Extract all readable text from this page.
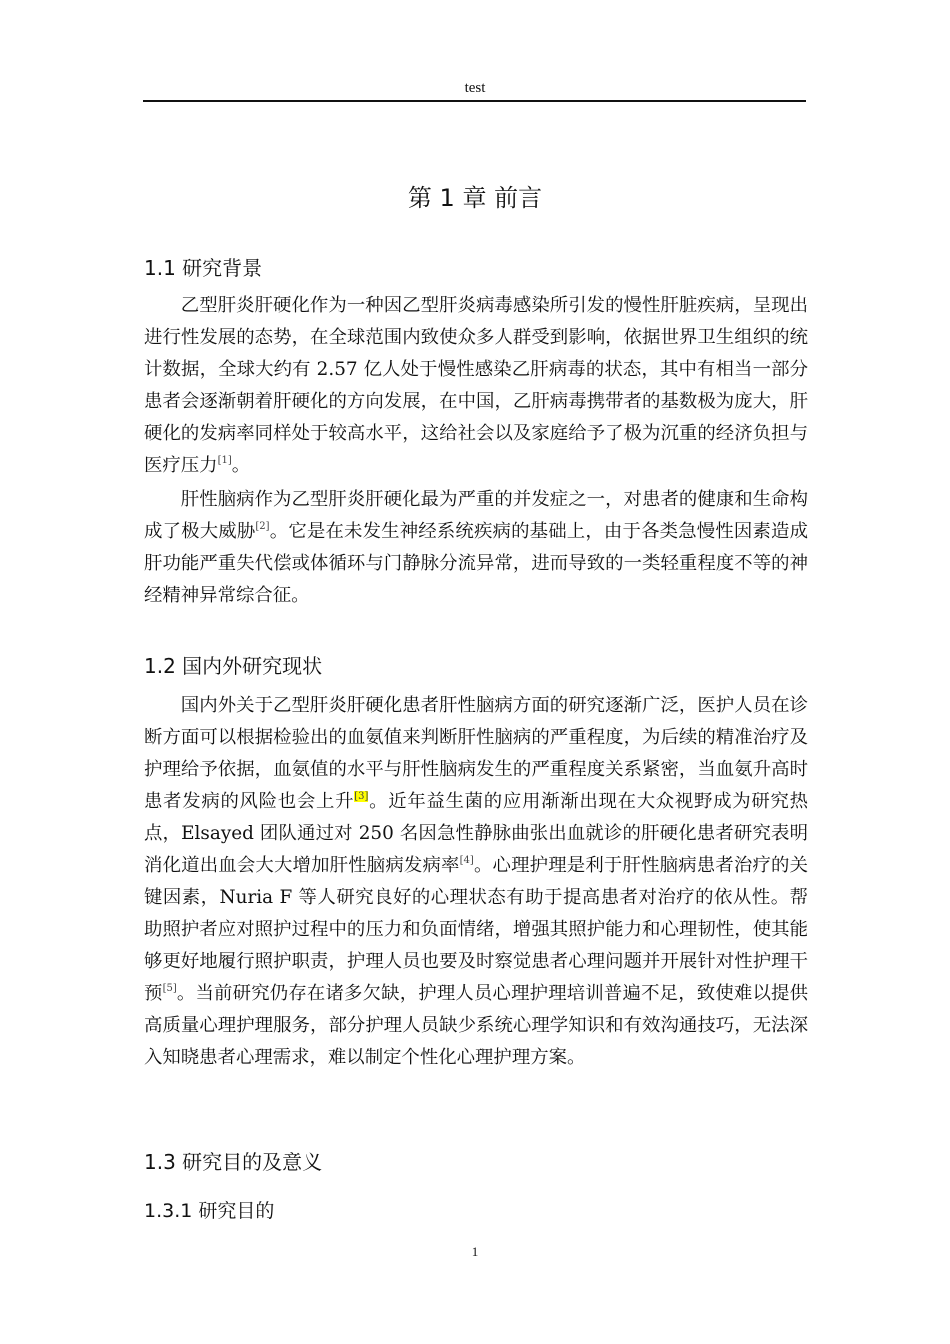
test
第 1 章 前言
1.1 研究背景

乙型肝炎肝硬化作为一种因乙型肝炎病毒感染所引发的慢性肝脏疾病，呈现出进行性发展的态势，在全球范围内致使众多人群受到影响，依据世界卫生组织的统计数据，全球大约有 2.57 亿人处于慢性感染乙肝病毒的状态，其中有相当一部分患者会逐渐朝着肝硬化的方向发展，在中国，乙肝病毒携带者的基数极为庞大，肝硬化的发病率同样处于较高水平，这给社会以及家庭给予了极为沉重的经济负担与医疗压力[1]。

肝性脑病作为乙型肝炎肝硬化最为严重的并发症之一，对患者的健康和生命构成了极大威胁[2]。它是在未发生神经系统疾病的基础上，由于各类急慢性因素造成肝功能严重失代偿或体循环与门静脉分流异常，进而导致的一类轻重程度不等的神经精神异常综合征。

1.2 国内外研究现状

国内外关于乙型肝炎肝硬化患者肝性脑病方面的研究逐渐广泛，医护人员在诊断方面可以根据检验出的血氨值来判断肝性脑病的严重程度，为后续的精准治疗及护理给予依据，血氨值的水平与肝性脑病发生的严重程度关系紧密，当血氨升高时患者发病的风险也会上升[3]。近年益生菌的应用渐渐出现在大众视野成为研究热点，Elsayed 团队通过对 250 名因急性静脉曲张出血就诊的肝硬化患者研究表明消化道出血会大大增加肝性脑病发病率[4]。心理护理是利于肝性脑病患者治疗的关键因素，Nuria F 等人研究良好的心理状态有助于提高患者对治疗的依从性。帮助照护者应对照护过程中的压力和负面情绪，增强其照护能力和心理韧性，使其能够更好地履行照护职责，护理人员也要及时察觉患者心理问题并开展针对性护理干预[5]。当前研究仍存在诸多欠缺，护理人员心理护理培训普遍不足，致使难以提供高质量心理护理服务，部分护理人员缺少系统心理学知识和有效沟通技巧，无法深入知晓患者心理需求，难以制定个性化心理护理方案。

1.3 研究目的及意义
1.3.1 研究目的
1
